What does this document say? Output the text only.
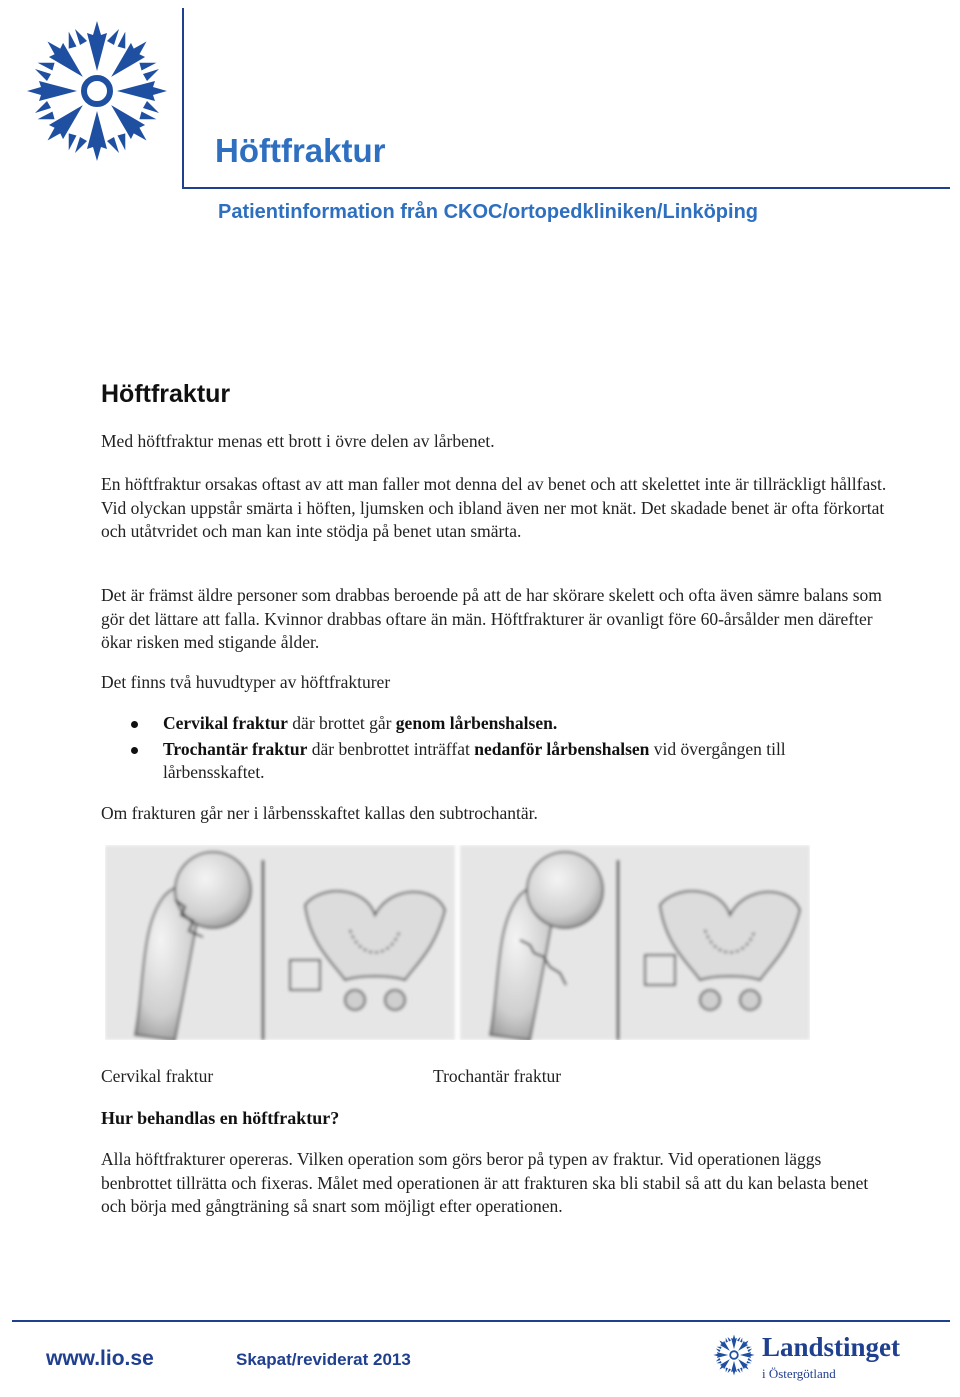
Höftfraktur
Patientinformation från CKOC/ortopedkliniken/Linköping
Höftfraktur
Med höftfraktur menas ett brott i övre delen av lårbenet.
En höftfraktur orsakas oftast av att man faller mot denna del av benet och att skelettet inte är tillräckligt hållfast. Vid olyckan uppstår smärta i höften, ljumsken och ibland även ner mot knät. Det skadade benet är ofta förkortat och utåtvridet och man kan inte stödja på benet utan smärta.
Det är främst äldre personer som drabbas beroende på att de har skörare skelett och ofta även sämre balans som gör det lättare att falla. Kvinnor drabbas oftare än män. Höftfrakturer är ovanligt före 60-årsålder men därefter ökar risken med stigande ålder.
Det finns två huvudtyper av höftfrakturer
Cervikal fraktur där brottet går genom lårbenshalsen.
Trochantär fraktur där benbrottet inträffat nedanför lårbenshalsen vid övergången till lårbensskaftet.
Om frakturen går ner i lårbensskaftet kallas den subtrochantär.
Cervikal fraktur	Trochantär fraktur
Hur behandlas en höftfraktur?
Alla höftfrakturer opereras. Vilken operation som görs beror på typen av fraktur. Vid operationen läggs benbrottet tillrätta och fixeras. Målet med operationen är att frakturen ska bli stabil så att du kan belasta benet och börja med gångträning så snart som möjligt efter operationen.
www.lio.se	Skapat/reviderat 2013	Landstinget
i Östergötland
